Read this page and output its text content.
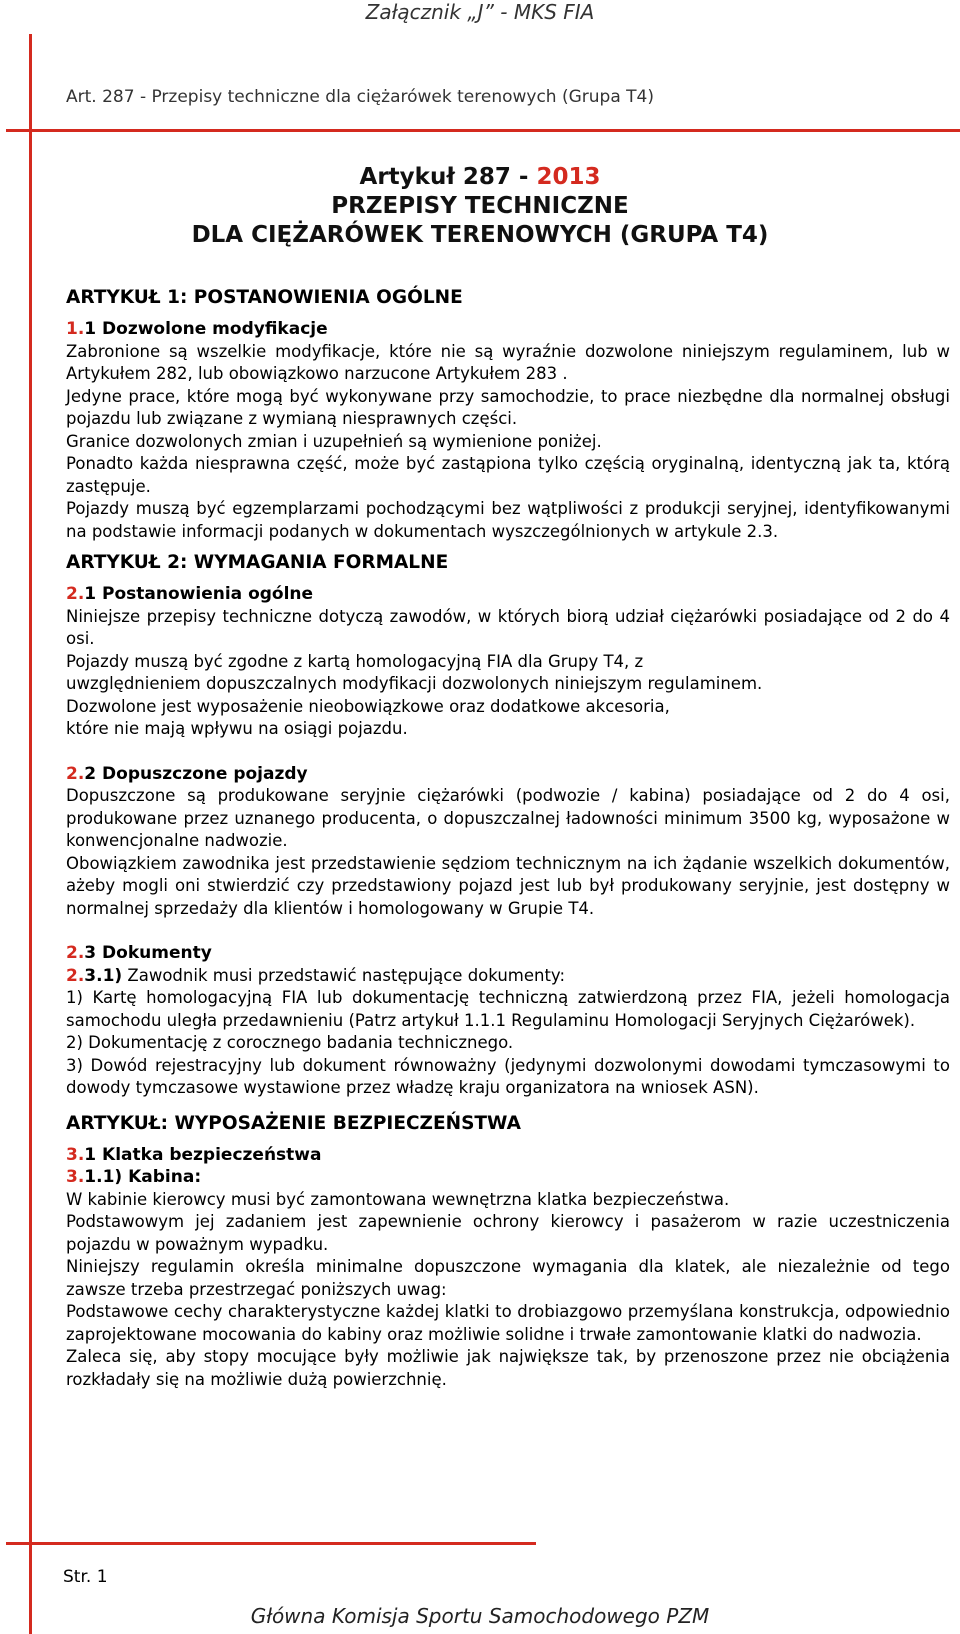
Załącznik „J” - MKS FIA
Art. 287 - Przepisy techniczne dla ciężarówek terenowych (Grupa T4)
Artykuł 287 - 2013
PRZEPISY TECHNICZNE
DLA CIĘŻARÓWEK TERENOWYCH (GRUPA T4)
ARTYKUŁ 1: POSTANOWIENIA OGÓLNE
1.1 Dozwolone modyfikacje

Zabronione są wszelkie modyfikacje, które nie są wyraźnie dozwolone niniejszym regulaminem, lub w Artykułem 282, lub obowiązkowo narzucone Artykułem 283 .

Jedyne prace, które mogą być wykonywane przy samochodzie, to prace niezbędne dla normalnej obsługi pojazdu lub związane z wymianą niesprawnych części.

Granice dozwolonych zmian i uzupełnień są wymienione poniżej.

Ponadto każda niesprawna część, może być zastąpiona tylko częścią oryginalną, identyczną jak ta, którą zastępuje.

Pojazdy muszą być egzemplarzami pochodzącymi bez wątpliwości z produkcji seryjnej, identyfikowanymi na podstawie informacji podanych w dokumentach wyszczególnionych w artykule 2.3.

ARTYKUŁ 2: WYMAGANIA FORMALNE
2.1 Postanowienia ogólne

Niniejsze przepisy techniczne dotyczą zawodów, w których biorą udział ciężarówki posiadające od 2 do 4 osi.

Pojazdy muszą być zgodne z kartą homologacyjną FIA dla Grupy T4, z

uwzględnieniem dopuszczalnych modyfikacji dozwolonych niniejszym regulaminem.

Dozwolone jest wyposażenie nieobowiązkowe oraz dodatkowe akcesoria,

które nie mają wpływu na osiągi pojazdu.

2.2 Dopuszczone pojazdy

Dopuszczone są produkowane seryjnie ciężarówki (podwozie / kabina) posiadające od 2 do 4 osi, produkowane przez uznanego producenta, o dopuszczalnej ładowności minimum 3500 kg, wyposażone w konwencjonalne nadwozie.

Obowiązkiem zawodnika jest przedstawienie sędziom technicznym na ich żądanie wszelkich dokumentów, ażeby mogli oni stwierdzić czy przedstawiony pojazd jest lub był produkowany seryjnie, jest dostępny w normalnej sprzedaży dla klientów i homologowany w Grupie T4.

2.3 Dokumenty

2.3.1) Zawodnik musi przedstawić następujące dokumenty:

1) Kartę homologacyjną FIA lub dokumentację techniczną zatwierdzoną przez FIA, jeżeli homologacja samochodu uległa przedawnieniu (Patrz artykuł 1.1.1 Regulaminu Homologacji Seryjnych Ciężarówek).

2) Dokumentację z corocznego badania technicznego.

3) Dowód rejestracyjny lub dokument równoważny (jedynymi dozwolonymi dowodami tymczasowymi to dowody tymczasowe wystawione przez władzę kraju organizatora na wniosek ASN).

ARTYKUŁ: WYPOSAŻENIE BEZPIECZEŃSTWA
3.1 Klatka bezpieczeństwa
3.1.1) Kabina:

W kabinie kierowcy musi być zamontowana wewnętrzna klatka bezpieczeństwa.

Podstawowym jej zadaniem jest zapewnienie ochrony kierowcy i pasażerom w razie uczestniczenia pojazdu w poważnym wypadku.

Niniejszy regulamin określa minimalne dopuszczone wymagania dla klatek, ale niezależnie od tego zawsze trzeba przestrzegać poniższych uwag:

Podstawowe cechy charakterystyczne każdej klatki to drobiazgowo przemyślana konstrukcja, odpowiednio zaprojektowane mocowania do kabiny oraz możliwie solidne i trwałe zamontowanie klatki do nadwozia.

Zaleca się, aby stopy mocujące były możliwie jak największe tak, by przenoszone przez nie obciążenia rozkładały się na możliwie dużą powierzchnię.

Str. 1
Główna Komisja Sportu Samochodowego PZM
